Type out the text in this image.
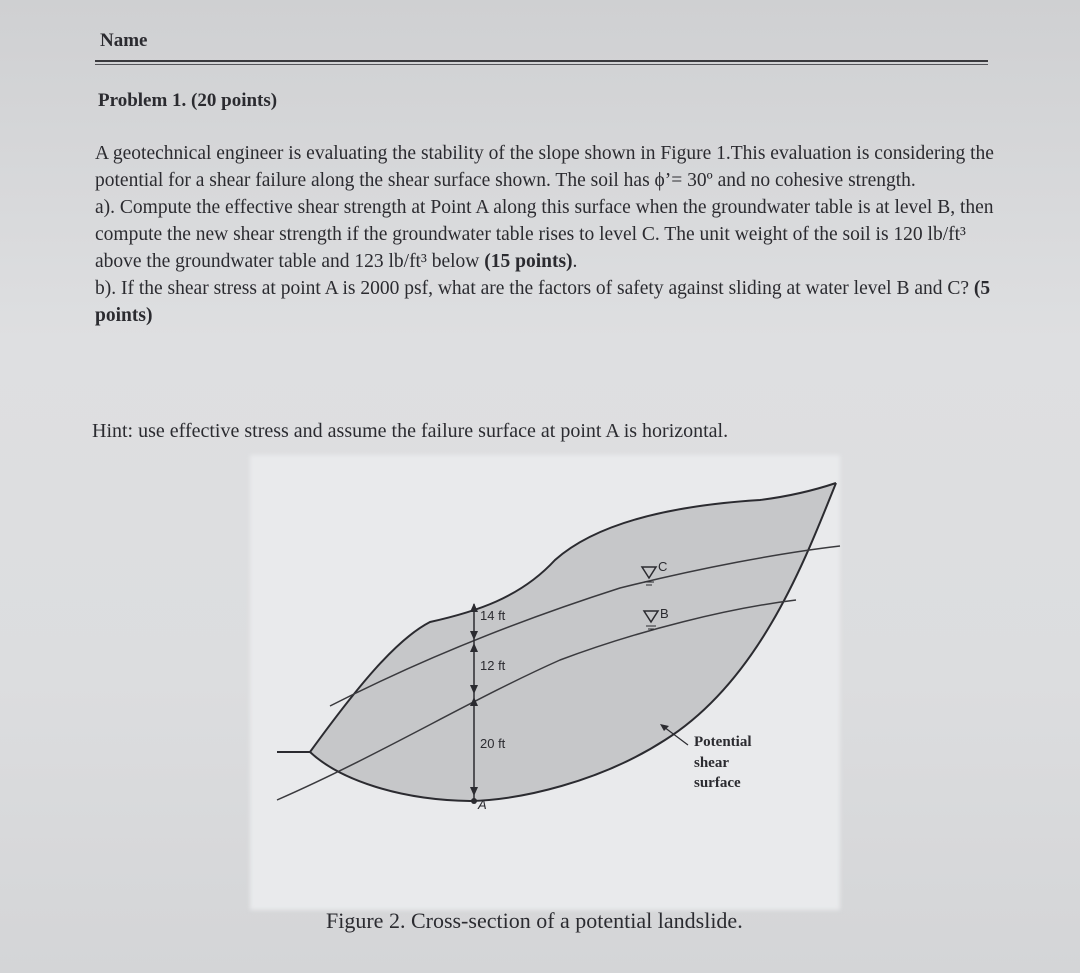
Name
Problem 1. (20 points)

A geotechnical engineer is evaluating the stability of the slope shown in Figure 1.This evaluation is considering the potential for a shear failure along the shear surface shown. The soil has ϕ’= 30º and no cohesive strength.

a). Compute the effective shear strength at Point A along this surface when the groundwater table is at level B, then compute the new shear strength if the groundwater table rises to level C. The unit weight of the soil is 120 lb/ft³ above the groundwater table and 123 lb/ft³ below (15 points).

b). If the shear stress at point A is 2000 psf, what are the factors of safety against sliding at water level B and C? (5 points)

Hint: use effective stress and assume the failure surface at point A is horizontal.
14 ft
12 ft
20 ft
C
B
A
Potential
shear
surface
Figure 2. Cross-section of a potential landslide.
